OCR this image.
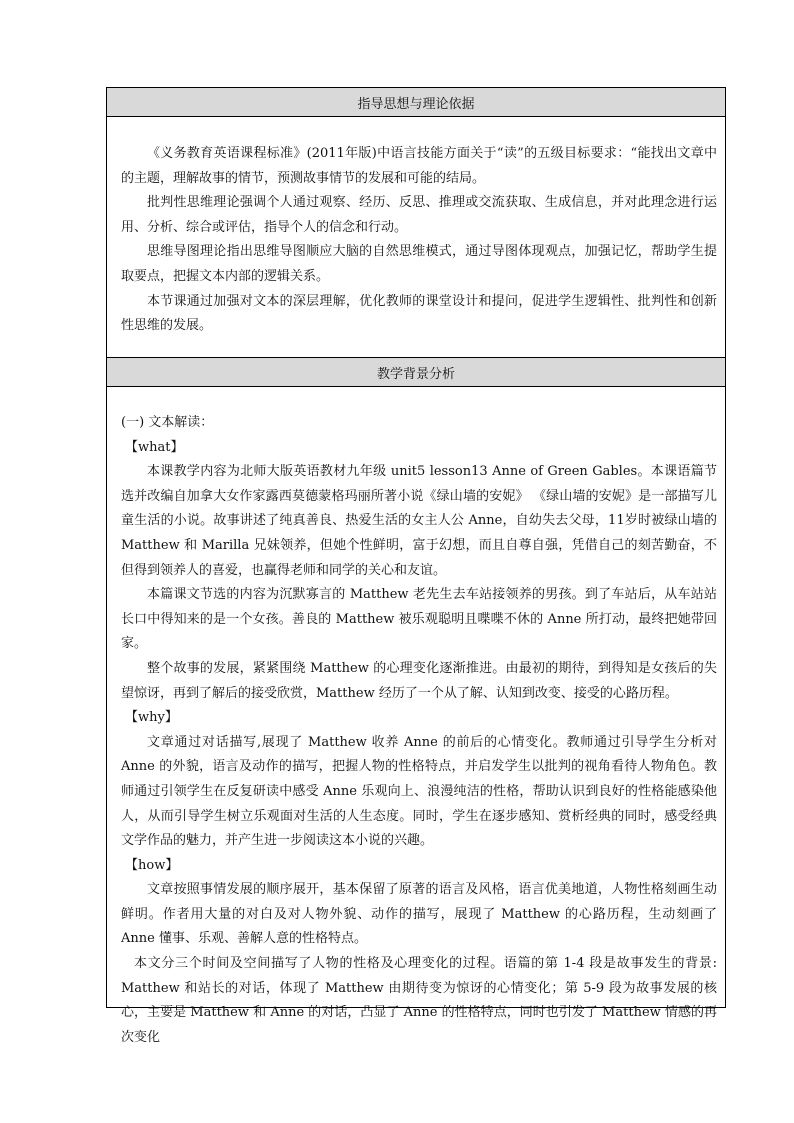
指导思想与理论依据

《义务教育英语课程标准》(2011年版)中语言技能方面关于“读”的五级目标要求：“能找出文章中的主题，理解故事的情节，预测故事情节的发展和可能的结局。

批判性思维理论强调个人通过观察、经历、反思、推理或交流获取、生成信息，并对此理念进行运用、分析、综合或评估，指导个人的信念和行动。

思维导图理论指出思维导图顺应大脑的自然思维模式，通过导图体现观点，加强记忆，帮助学生提取要点，把握文本内部的逻辑关系。

本节课通过加强对文本的深层理解，优化教师的课堂设计和提问，促进学生逻辑性、批判性和创新性思维的发展。

教学背景分析

(一) 文本解读：

【what】

本课教学内容为北师大版英语教材九年级 unit5 lesson13 Anne of Green Gables。本课语篇节选并改编自加拿大女作家露西莫德蒙格玛丽所著小说《绿山墙的安妮》 《绿山墙的安妮》是一部描写儿童生活的小说。故事讲述了纯真善良、热爱生活的女主人公 Anne，自幼失去父母，11岁时被绿山墙的 Matthew 和 Marilla 兄妹领养，但她个性鲜明，富于幻想，而且自尊自强，凭借自己的刻苦勤奋，不但得到领养人的喜爱，也赢得老师和同学的关心和友谊。

本篇课文节选的内容为沉默寡言的 Matthew 老先生去车站接领养的男孩。到了车站后，从车站站长口中得知来的是一个女孩。善良的 Matthew 被乐观聪明且喋喋不休的 Anne 所打动，最终把她带回家。

整个故事的发展，紧紧围绕 Matthew 的心理变化逐渐推进。由最初的期待，到得知是女孩后的失望惊讶，再到了解后的接受欣赏，Matthew 经历了一个从了解、认知到改变、接受的心路历程。

【why】

文章通过对话描写,展现了 Matthew 收养 Anne 的前后的心情变化。教师通过引导学生分析对 Anne 的外貌，语言及动作的描写，把握人物的性格特点，并启发学生以批判的视角看待人物角色。教师通过引领学生在反复研读中感受 Anne 乐观向上、浪漫纯洁的性格，帮助认识到良好的性格能感染他人，从而引导学生树立乐观面对生活的人生态度。同时，学生在逐步感知、赏析经典的同时，感受经典文学作品的魅力，并产生进一步阅读这本小说的兴趣。

【how】

文章按照事情发展的顺序展开，基本保留了原著的语言及风格，语言优美地道，人物性格刻画生动鲜明。作者用大量的对白及对人物外貌、动作的描写，展现了 Matthew 的心路历程，生动刻画了 Anne 懂事、乐观、善解人意的性格特点。

本文分三个时间及空间描写了人物的性格及心理变化的过程。语篇的第 1-4 段是故事发生的背景: Matthew 和站长的对话，体现了 Matthew 由期待变为惊讶的心情变化；第 5-9 段为故事发展的核心，主要是 Matthew 和 Anne 的对话，凸显了 Anne 的性格特点，同时也引发了 Matthew 情感的再次变化
